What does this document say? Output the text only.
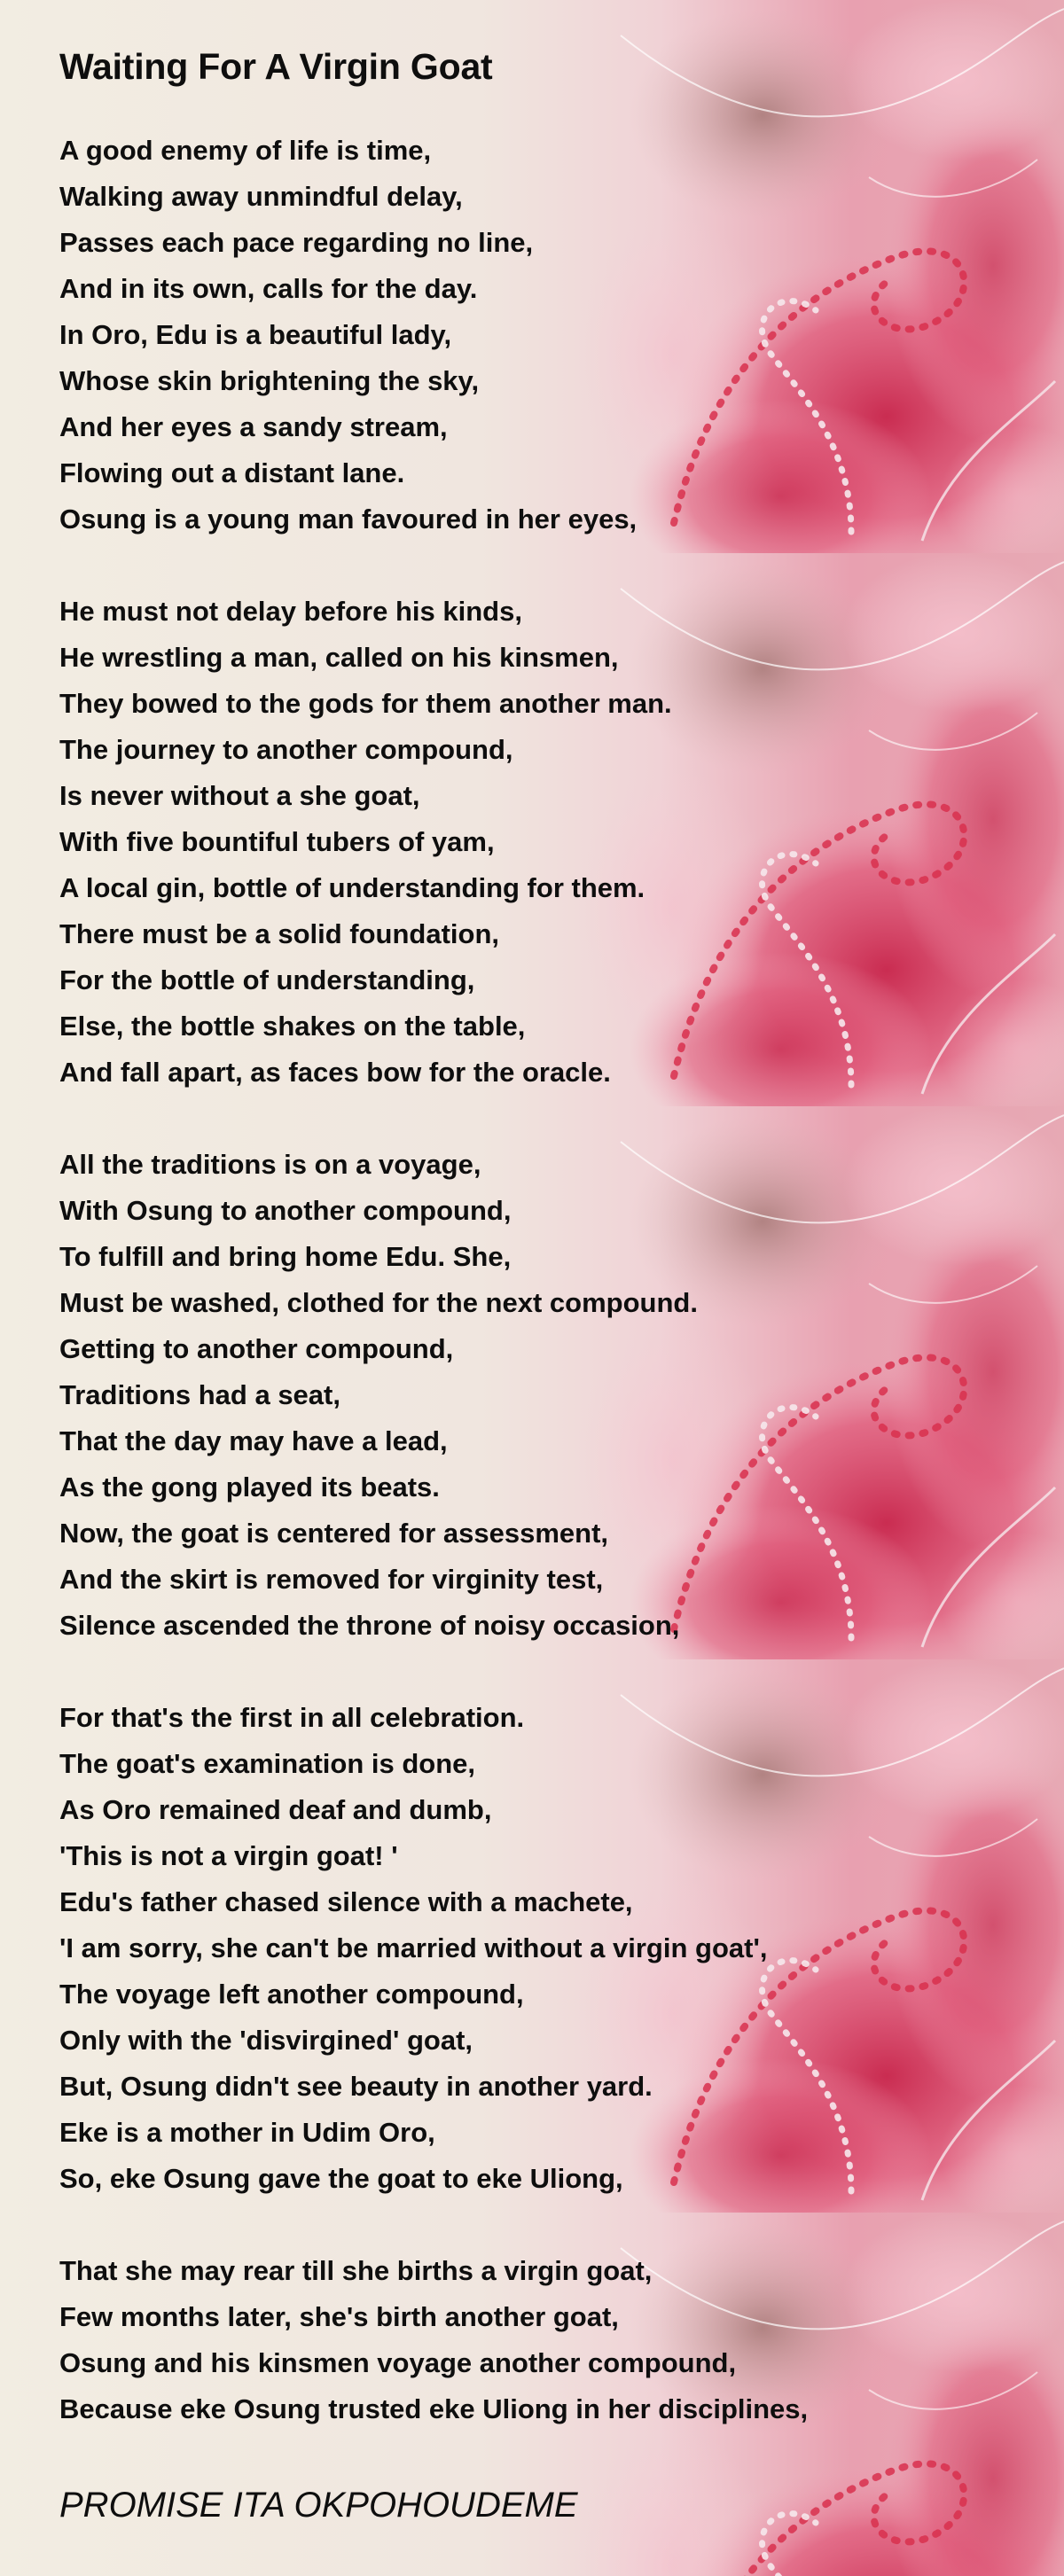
Waiting For A Virgin Goat
A good enemy of life is time,
Walking away unmindful delay,
Passes each pace regarding no line,
And in its own, calls for the day.
In Oro, Edu is a beautiful lady,
Whose skin brightening the sky,
And her eyes a sandy stream,
Flowing out a distant lane.
Osung is a young man favoured in her eyes,
He must not delay before his kinds,
He wrestling a man, called on his kinsmen,
They bowed to the gods for them another man.
The journey to another compound,
Is never without a she goat,
With five bountiful tubers of yam,
A local gin, bottle of understanding for them.
There must be a solid foundation,
For the bottle of understanding,
Else, the bottle shakes on the table,
And fall apart, as faces bow for the oracle.
All the traditions is on a voyage,
With Osung to another compound,
To fulfill and bring home Edu. She,
Must be washed, clothed for the next compound.
Getting to another compound,
Traditions had a seat,
That the day may have a lead,
As the gong played its beats.
Now, the goat is centered for assessment,
And the skirt is removed for virginity test,
Silence ascended the throne of noisy occasion,
For that's the first in all celebration.
The goat's examination is done,
As Oro remained deaf and dumb,
'This is not a virgin goat! '
Edu's father chased silence with a machete,
'I am sorry, she can't be married without a virgin goat',
The voyage left another compound,
Only with the 'disvirgined' goat,
But, Osung didn't see beauty in another yard.
Eke is a mother in Udim Oro,
So, eke Osung gave the goat to eke Uliong,
That she may rear till she births a virgin goat,
Few months later, she's birth another goat,
Osung and his kinsmen voyage another compound,
Because eke Osung trusted eke Uliong in her disciplines,
PROMISE ITA OKPOHOUDEME
